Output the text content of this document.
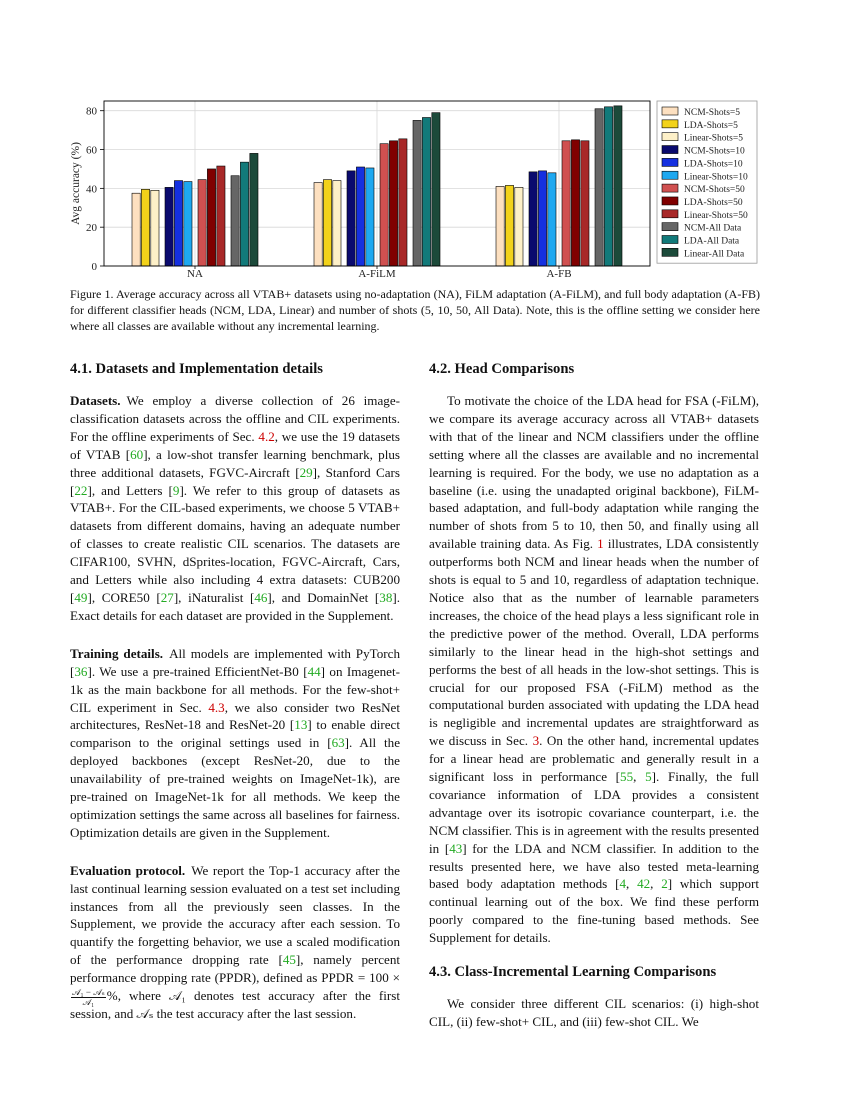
0
20
40
60
80
NA	A-FiLM	A-FB
Avg accuracy (%)
NCM-Shots=5
LDA-Shots=5
Linear-Shots=5
NCM-Shots=10
LDA-Shots=10
Linear-Shots=10
NCM-Shots=50
LDA-Shots=50
Linear-Shots=50
NCM-All Data
LDA-All Data
Linear-All Data
Figure 1. Average accuracy across all VTAB+ datasets using no-adaptation (NA), FiLM adaptation (A-FiLM), and full body adaptation (A-FB) for different classifier heads (NCM, LDA, Linear) and number of shots (5, 10, 50, All Data). Note, this is the offline setting we consider here where all classes are available without any incremental learning.
4.1. Datasets and Implementation details

Datasets. We employ a diverse collection of 26 image-classification datasets across the offline and CIL experiments. For the offline experiments of Sec. 4.2, we use the 19 datasets of VTAB [60], a low-shot transfer learning benchmark, plus three additional datasets, FGVC-Aircraft [29], Stanford Cars [22], and Letters [9]. We refer to this group of datasets as VTAB+. For the CIL-based experiments, we choose 5 VTAB+ datasets from different domains, having an adequate number of classes to create realistic CIL scenarios. The datasets are CIFAR100, SVHN, dSprites-location, FGVC-Aircraft, Cars, and Letters while also including 4 extra datasets: CUB200 [49], CORE50 [27], iNaturalist [46], and DomainNet [38]. Exact details for each dataset are provided in the Supplement.

Training details. All models are implemented with PyTorch [36]. We use a pre-trained EfficientNet-B0 [44] on Imagenet-1k as the main backbone for all methods. For the few-shot+ CIL experiment in Sec. 4.3, we also consider two ResNet architectures, ResNet-18 and ResNet-20 [13] to enable direct comparison to the original settings used in [63]. All the deployed backbones (except ResNet-20, due to the unavailability of pre-trained weights on ImageNet-1k), are pre-trained on ImageNet-1k for all methods. We keep the optimization settings the same across all baselines for fairness. Optimization details are given in the Supplement.

Evaluation protocol. We report the Top-1 accuracy after the last continual learning session evaluated on a test set including instances from all the previously seen classes. In the Supplement, we provide the accuracy after each session. To quantify the forgetting behavior, we use a scaled modification of the performance dropping rate [45], namely percent performance dropping rate (PPDR), defined as PPDR = 100 ×
$\frac{\text{𝒜₁ − 𝒜ₛ}}{\text{𝒜₁}}$ %, where 𝒜₁ denotes test accuracy after the first session, and 𝒜ₛ the test accuracy after the last session.

4.2. Head Comparisons

To motivate the choice of the LDA head for FSA (-FiLM), we compare its average accuracy across all VTAB+ datasets with that of the linear and NCM classifiers under the offline setting where all the classes are available and no incremental learning is required. For the body, we use no adaptation as a baseline (i.e. using the unadapted original backbone), FiLM-based adaptation, and full-body adaptation while ranging the number of shots from 5 to 10, then 50, and finally using all available training data. As Fig. 1 illustrates, LDA consistently outperforms both NCM and linear heads when the number of shots is equal to 5 and 10, regardless of adaptation technique. Notice also that as the number of learnable parameters increases, the choice of the head plays a less significant role in the predictive power of the method. Overall, LDA performs similarly to the linear head in the high-shot settings and performs the best of all heads in the low-shot settings. This is crucial for our proposed FSA (-FiLM) method as the computational burden associated with updating the LDA head is negligible and incremental updates are straightforward as we discuss in Sec. 3. On the other hand, incremental updates for a linear head are problematic and generally result in a significant loss in performance [55, 5]. Finally, the full covariance information of LDA provides a consistent advantage over its isotropic covariance counterpart, i.e. the NCM classifier. This is in agreement with the results presented in [43] for the LDA and NCM classifier. In addition to the results presented here, we have also tested meta-learning based body adaptation methods [4, 42, 2] which support continual learning out of the box. We find these perform poorly compared to the fine-tuning based methods. See Supplement for details.

4.3. Class-Incremental Learning Comparisons

We consider three different CIL scenarios: (i) high-shot CIL, (ii) few-shot+ CIL, and (iii) few-shot CIL. We
